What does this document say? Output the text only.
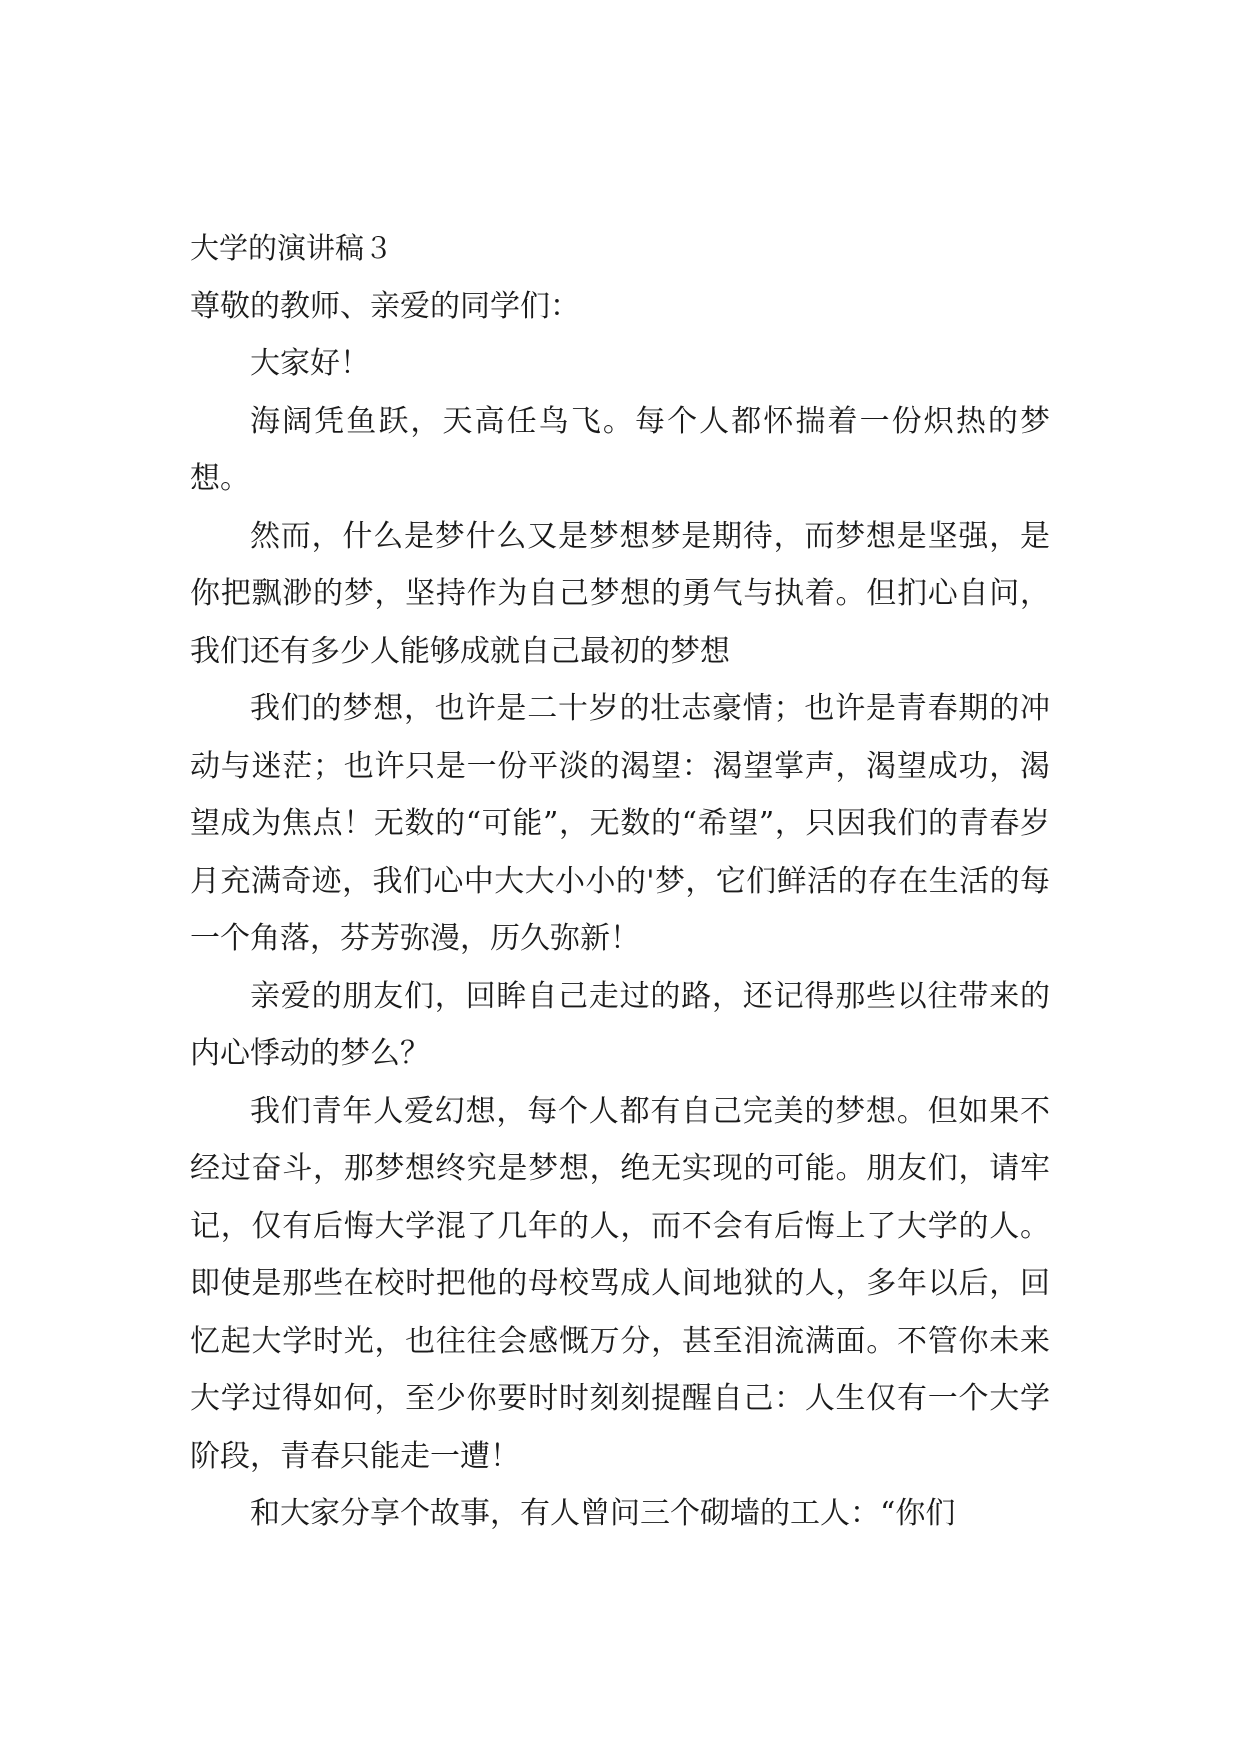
大学的演讲稿３
尊敬的教师、亲爱的同学们：

大家好！

海阔凭鱼跃，天高任鸟飞。每个人都怀揣着一份炽热的梦想。

然而，什么是梦什么又是梦想梦是期待，而梦想是坚强，是你把飘渺的梦，坚持作为自己梦想的勇气与执着。但扪心自问，我们还有多少人能够成就自己最初的梦想

我们的梦想，也许是二十岁的壮志豪情；也许是青春期的冲动与迷茫；也许只是一份平淡的渴望：渴望掌声，渴望成功，渴望成为焦点！无数的“可能”，无数的“希望”，只因我们的青春岁月充满奇迹，我们心中大大小小的'梦，它们鲜活的存在生活的每一个角落，芬芳弥漫，历久弥新！

亲爱的朋友们，回眸自己走过的路，还记得那些以往带来的内心悸动的梦么？

我们青年人爱幻想，每个人都有自己完美的梦想。但如果不经过奋斗，那梦想终究是梦想，绝无实现的可能。朋友们，请牢记，仅有后悔大学混了几年的人，而不会有后悔上了大学的人。即使是那些在校时把他的母校骂成人间地狱的人，多年以后，回忆起大学时光，也往往会感慨万分，甚至泪流满面。不管你未来大学过得如何，至少你要时时刻刻提醒自己：人生仅有一个大学阶段，青春只能走一遭！

和大家分享个故事，有人曾问三个砌墙的工人：“你们
